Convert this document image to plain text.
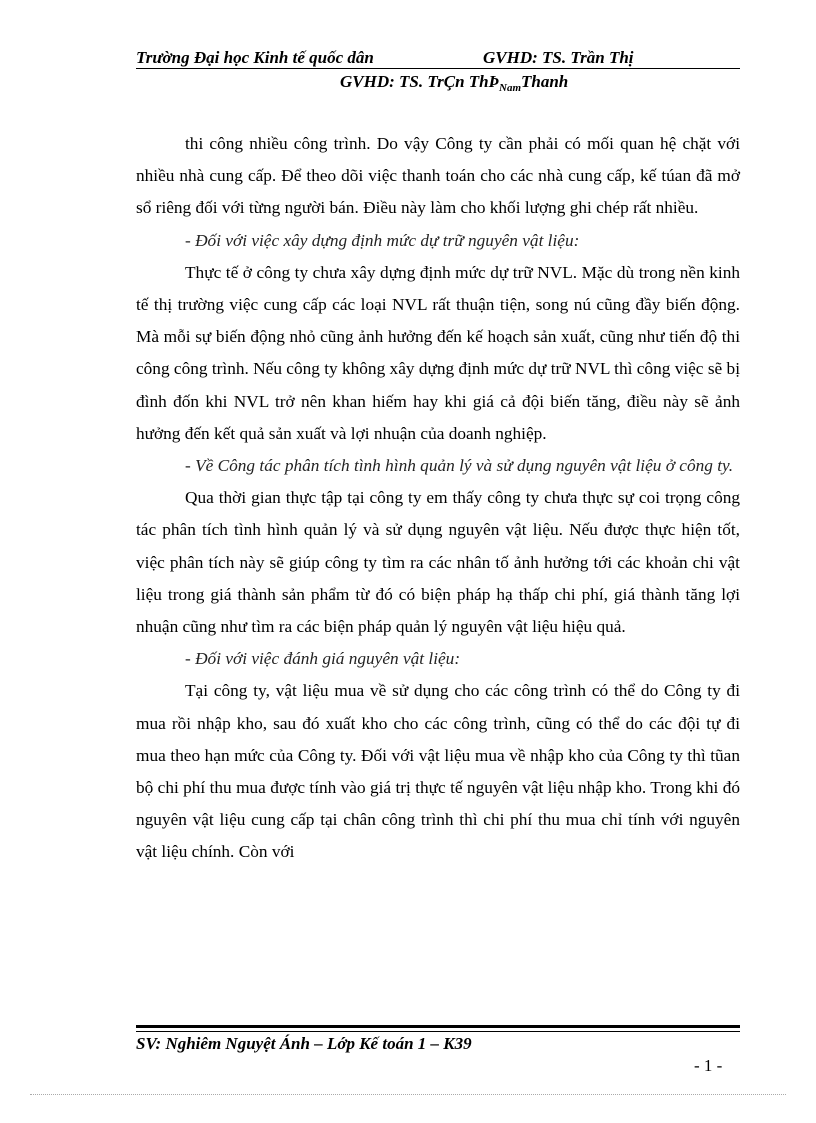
Trường Đại học Kinh tế quốc dân	GVHD: TS. Trần Thị
GVHD: TS. TrÇn ThÞ$_{Nam}$Thanh

thi công nhiều công trình. Do vậy Công ty cần phải có mối quan hệ chặt với nhiều nhà cung cấp. Để theo dõi việc thanh toán cho các nhà cung cấp, kế túan đã mở sổ riêng đối với từng người bán. Điều này làm cho khối lượng ghi chép rất nhiều.

- Đối với việc xây dựng định mức dự trữ nguyên vật liệu:

Thực tế ở công ty chưa xây dựng định mức dự trữ NVL. Mặc dù trong nền kinh tế thị trường việc cung cấp các loại NVL rất thuận tiện, song nú cũng đầy biến động. Mà mỗi sự biến động nhỏ cũng ảnh hưởng đến kế hoạch sản xuất, cũng như tiến độ thi công công trình. Nếu công ty không xây dựng định mức dự trữ NVL thì công việc sẽ bị đình đốn khi NVL trở nên khan hiếm hay khi giá cả đội biến tăng, điều này sẽ ảnh hưởng đến kết quả sản xuất và lợi nhuận của doanh nghiệp.

- Về Công tác phân tích tình hình quản lý và sử dụng nguyên vật liệu ở công ty.

Qua thời gian thực tập tại công ty em thấy công ty chưa thực sự coi trọng công tác phân tích tình hình quản lý và sử dụng nguyên vật liệu. Nếu được thực hiện tốt, việc phân tích này sẽ giúp công ty tìm ra các nhân tố ảnh hưởng tới các khoản chi vật liệu trong giá thành sản phẩm từ đó có biện pháp hạ thấp chi phí, giá thành tăng lợi nhuận cũng như tìm ra các biện pháp quản lý nguyên vật liệu hiệu quả.

- Đối với việc đánh giá nguyên vật liệu:

Tại công ty, vật liệu mua về sử dụng cho các công trình có thể do Công ty đi mua rồi nhập kho, sau đó xuất kho cho các công trình, cũng có thể do các đội tự đi mua theo hạn mức của Công ty. Đối với vật liệu mua về nhập kho của Công ty thì tũan bộ chi phí thu mua được tính vào giá trị thực tế nguyên vật liệu nhập kho. Trong khi đó nguyên vật liệu cung cấp tại chân công trình thì chi phí thu mua chỉ tính với nguyên vật liệu chính. Còn với

SV: Nghiêm Nguyệt Ánh – Lớp Kế toán 1 – K39
- 1 -
